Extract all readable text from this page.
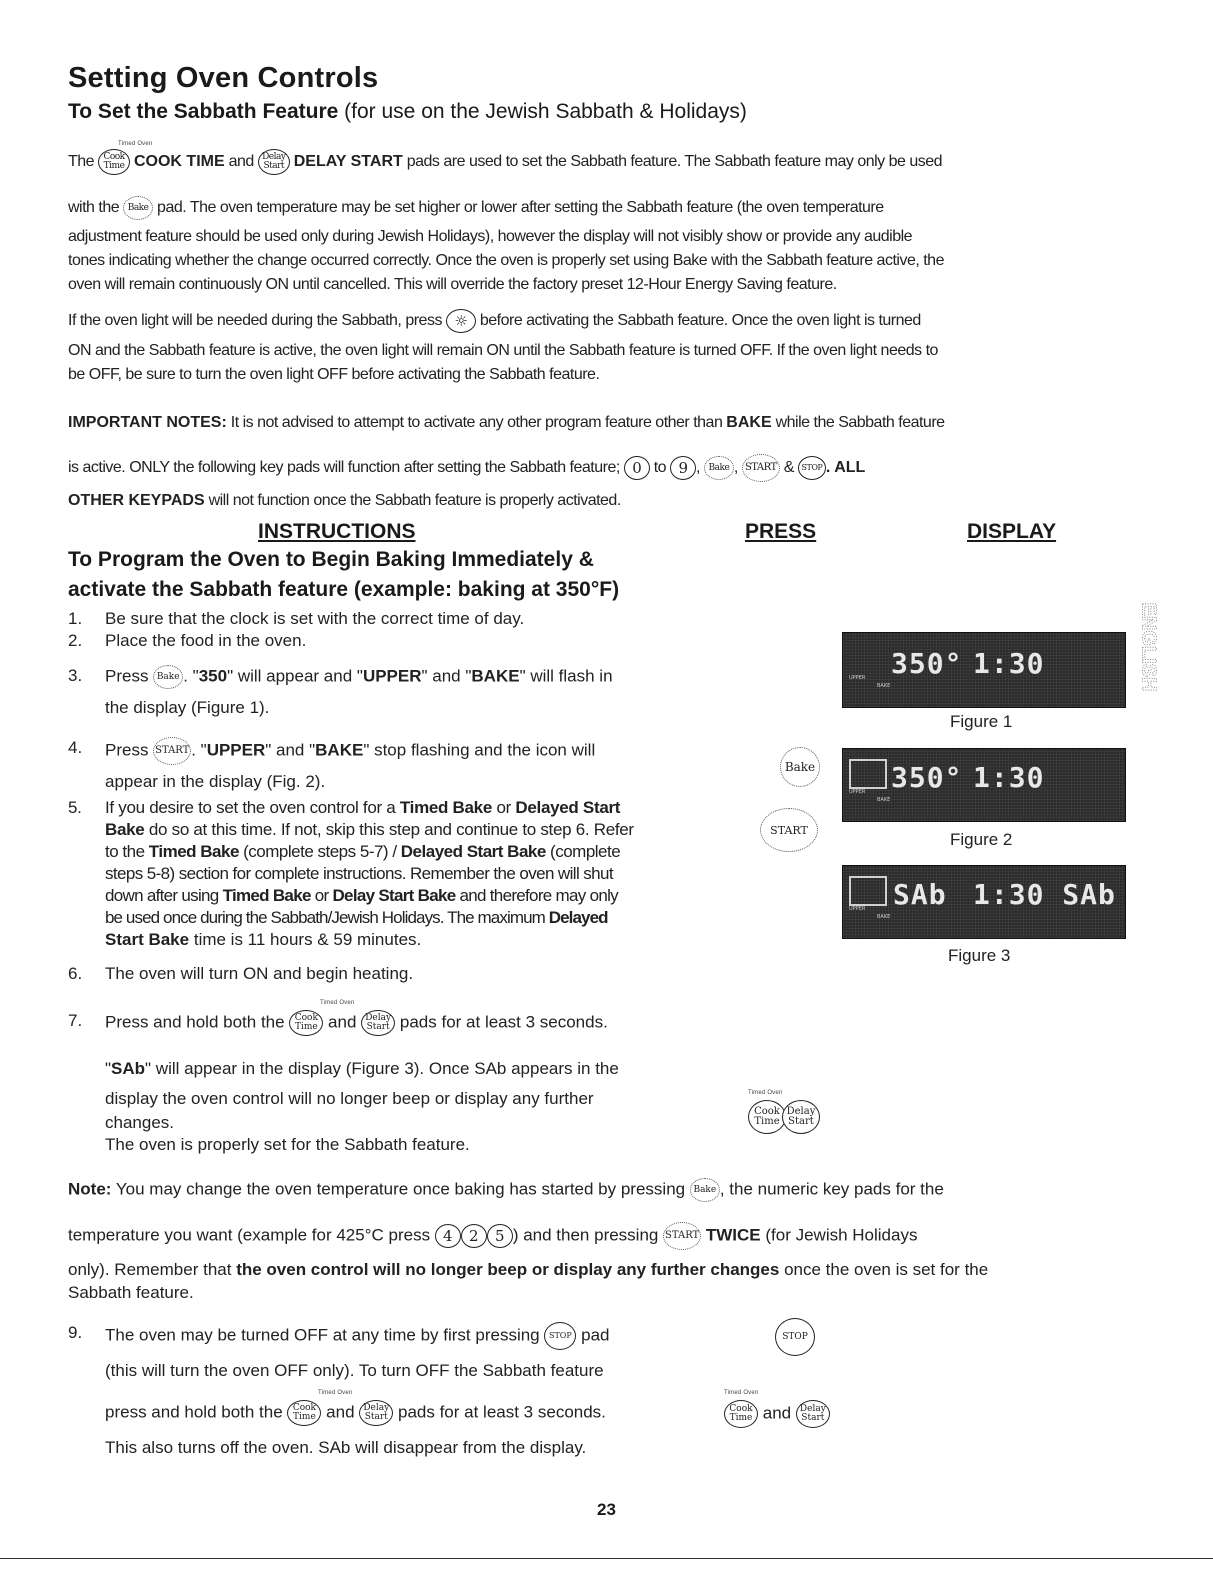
Setting Oven Controls
To Set the Sabbath Feature (for use on the Jewish Sabbath & Holidays)
Timed Oven
The Cook
Time COOK TIME and Delay
Start DELAY START pads are used to set the Sabbath feature. The Sabbath feature may only be used
with the Bake pad. The oven temperature may be set higher or lower after setting the Sabbath feature (the oven temperature
adjustment feature should be used only during Jewish Holidays), however the display will not visibly show or provide any audible
tones indicating whether the change occurred correctly. Once the oven is properly set using Bake with the Sabbath feature active, the
oven will remain continuously ON until cancelled. This will override the factory preset 12-Hour Energy Saving feature.
If the oven light will be needed during the Sabbath, press ☼ before activating the Sabbath feature. Once the oven light is turned
ON and the Sabbath feature is active, the oven light will remain ON until the Sabbath feature is turned OFF. If the oven light needs to
be OFF, be sure to turn the oven light OFF before activating the Sabbath feature.
IMPORTANT NOTES: It is not advised to attempt to activate any other program feature other than BAKE while the Sabbath feature
is active. ONLY the following key pads will function after setting the Sabbath feature; 0 to 9 , Bake , START & STOP . ALL
OTHER KEYPADS will not function once the Sabbath feature is properly activated.
INSTRUCTIONS	PRESS	DISPLAY
To Program the Oven to Begin Baking Immediately &
activate the Sabbath feature (example: baking at 350°F)
1. Be sure that the clock is set with the correct time of day.
2. Place the food in the oven.
3. Press Bake . "350" will appear and "UPPER" and "BAKE" will flash in
the display (Figure 1).
4. Press START . "UPPER" and "BAKE" stop flashing and the icon will
appear in the display (Fig. 2).
5. If you desire to set the oven control for a Timed Bake or Delayed Start
Bake do so at this time. If not, skip this step and continue to step 6. Refer
to the Timed Bake (complete steps 5-7) / Delayed Start Bake (complete
steps 5-8) section for complete instructions. Remember the oven will shut
down after using Timed Bake or Delay Start Bake and therefore may only
be used once during the Sabbath/Jewish Holidays. The maximum Delayed
Start Bake time is 11 hours & 59 minutes.
6. The oven will turn ON and begin heating.
Timed Oven
7. Press and hold both the Cook
Time and Delay
Start pads for at least 3 seconds.
"SAb" will appear in the display (Figure 3). Once SAb appears in the
display the oven control will no longer beep or display any further
changes.
The oven is properly set for the Sabbath feature.
Bake
START
Timed Oven
Cook
Time
Delay
Start
350° 1:30
UPPER
BAKE
Figure 1
350° 1:30
UPPER
BAKE
Figure 2
SAb 1:30 SAb
UPPER
BAKE
Figure 3
ENGLISH
Note: You may change the oven temperature once baking has started by pressing Bake , the numeric key pads for the
temperature you want (example for 425°C press 4 2 5 ) and then pressing START TWICE (for Jewish Holidays
only). Remember that the oven control will no longer beep or display any further changes once the oven is set for the
Sabbath feature.
9. The oven may be turned OFF at any time by first pressing STOP pad
(this will turn the oven OFF only). To turn OFF the Sabbath feature
Timed Oven
press and hold both the Cook
Time and Delay
Start pads for at least 3 seconds.
This also turns off the oven. SAb will disappear from the display.
STOP
Timed Oven
Cook
Time and Delay
Start
23
